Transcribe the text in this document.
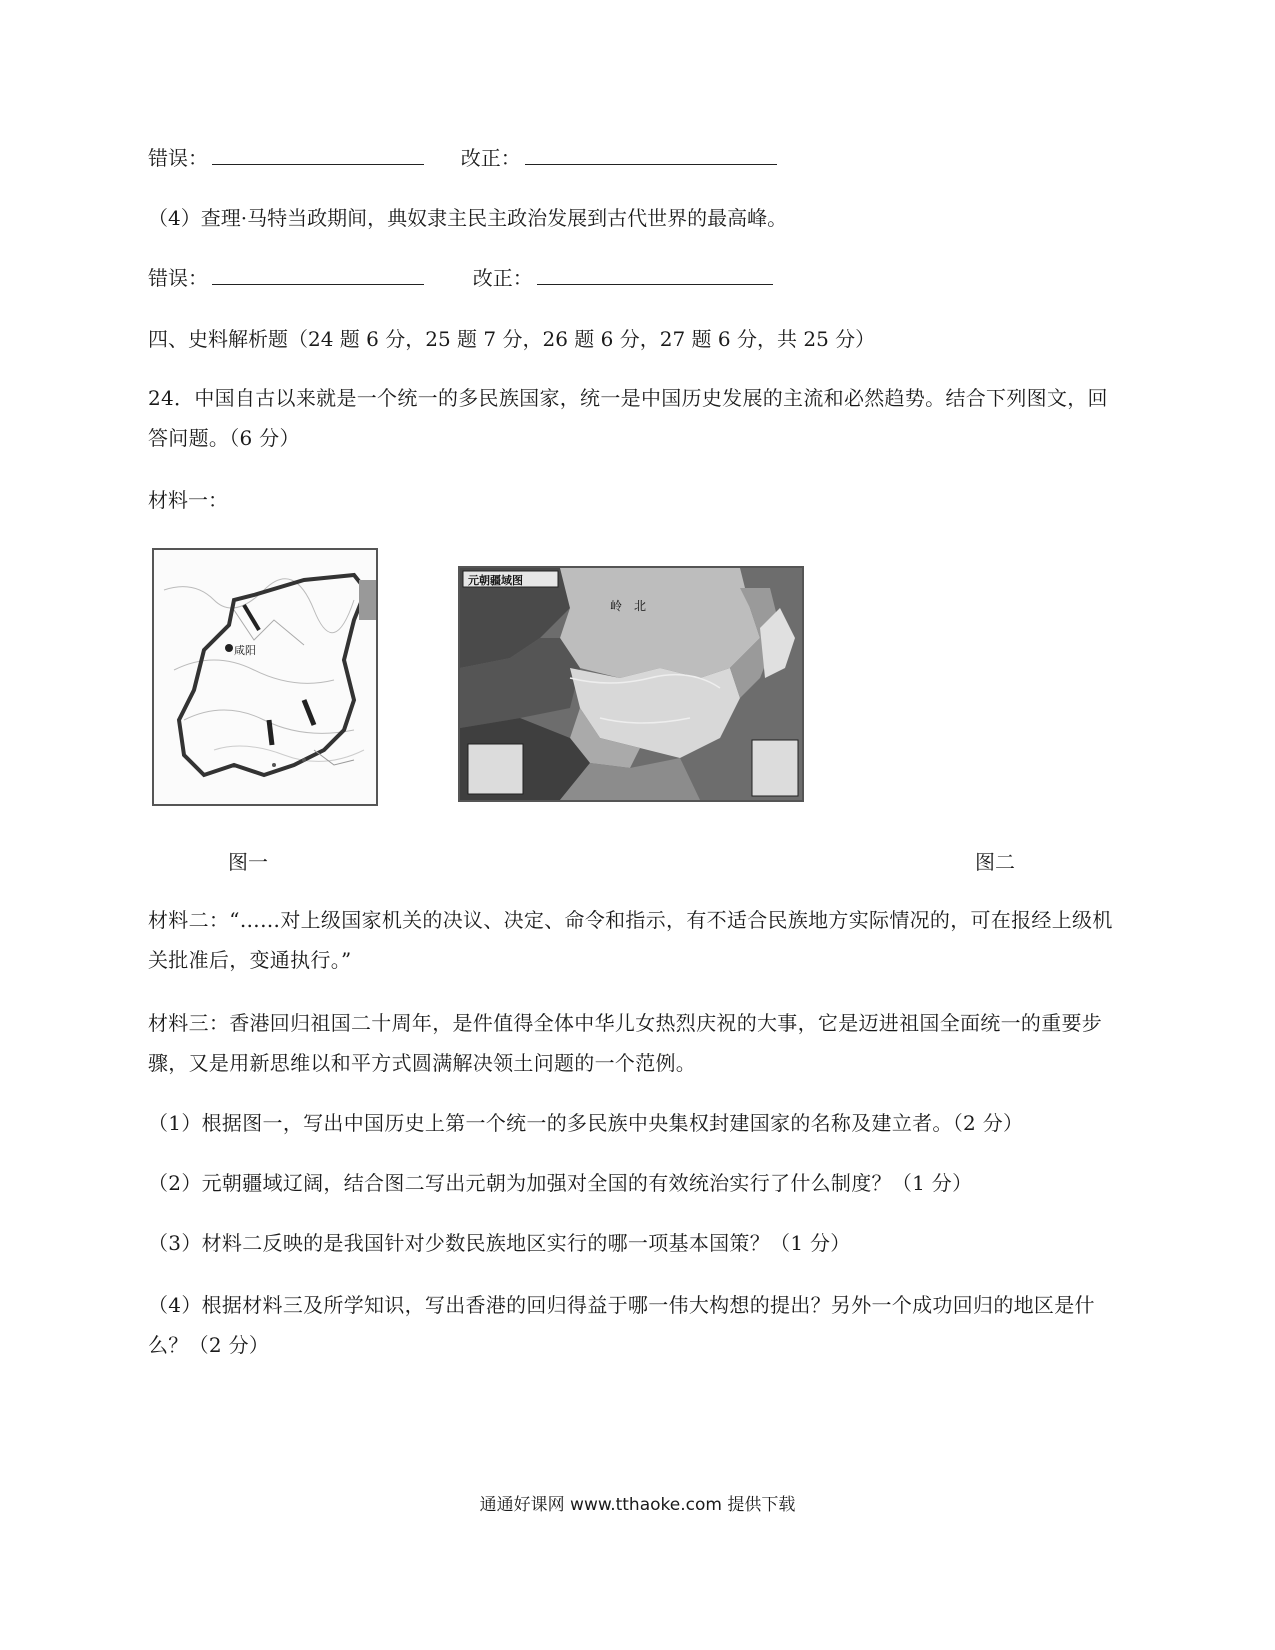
错误：	改正：
（4）查理·马特当政期间，典奴隶主民主政治发展到古代世界的最高峰。
错误：	改正：
四、史料解析题（24 题 6 分，25 题 7 分，26 题 6 分，27 题 6 分，共 25 分）
24．中国自古以来就是一个统一的多民族国家，统一是中国历史发展的主流和必然趋势。结合下列图文，回答问题。（6 分）
材料一：
咸阳
元朝疆域图
岭北
图一	图二
材料二：“……对上级国家机关的决议、决定、命令和指示，有不适合民族地方实际情况的，可在报经上级机关批准后，变通执行。”
材料三：香港回归祖国二十周年，是件值得全体中华儿女热烈庆祝的大事，它是迈进祖国全面统一的重要步骤，又是用新思维以和平方式圆满解决领土问题的一个范例。
（1）根据图一，写出中国历史上第一个统一的多民族中央集权封建国家的名称及建立者。（2 分）
（2）元朝疆域辽阔，结合图二写出元朝为加强对全国的有效统治实行了什么制度？（1 分）
（3）材料二反映的是我国针对少数民族地区实行的哪一项基本国策？（1 分）
（4）根据材料三及所学知识，写出香港的回归得益于哪一伟大构想的提出？另外一个成功回归的地区是什么？（2 分）
通通好课网 www.tthaoke.com 提供下载
